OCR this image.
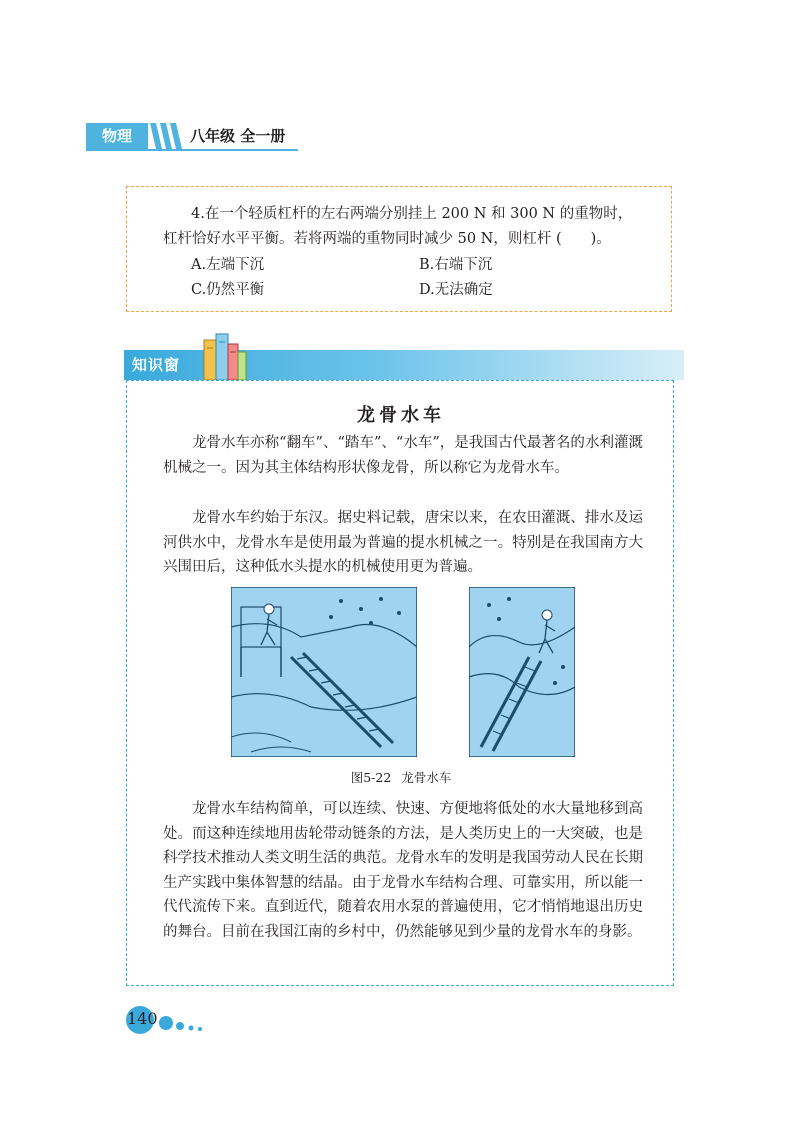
物理	八年级 全一册
4.在一个轻质杠杆的左右两端分别挂上 200 N 和 300 N 的重物时，
杠杆恰好水平平衡。若将两端的重物同时减少 50 N，则杠杆 (　　)。
A.左端下沉	B.右端下沉
C.仍然平衡	D.无法确定
知识窗
龙骨水车

龙骨水车亦称“翻车”、“踏车”、“水车”，是我国古代最著名的水利灌溉机械之一。因为其主体结构形状像龙骨，所以称它为龙骨水车。

龙骨水车约始于东汉。据史料记载，唐宋以来，在农田灌溉、排水及运河供水中，龙骨水车是使用最为普遍的提水机械之一。特别是在我国南方大兴围田后，这种低水头提水的机械使用更为普遍。

图5-22 龙骨水车

龙骨水车结构简单，可以连续、快速、方便地将低处的水大量地移到高处。而这种连续地用齿轮带动链条的方法，是人类历史上的一大突破，也是科学技术推动人类文明生活的典范。龙骨水车的发明是我国劳动人民在长期生产实践中集体智慧的结晶。由于龙骨水车结构合理、可靠实用，所以能一代代流传下来。直到近代，随着农用水泵的普遍使用，它才悄悄地退出历史的舞台。目前在我国江南的乡村中，仍然能够见到少量的龙骨水车的身影。

140
